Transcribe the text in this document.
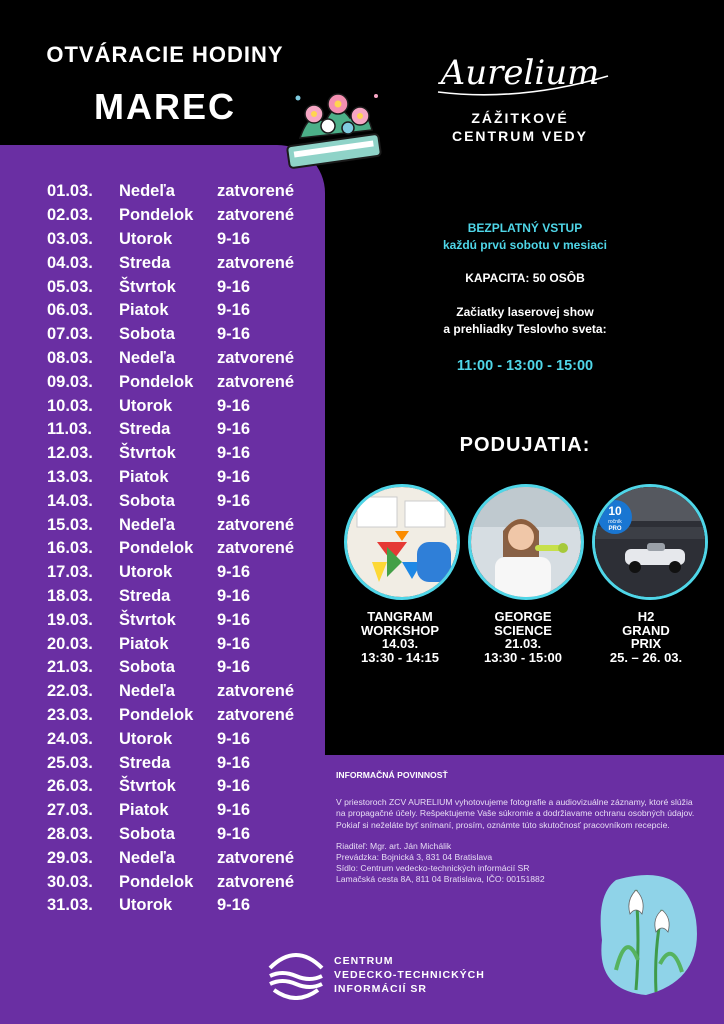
OTVÁRACIE HODINY
MAREC
Aurelium
ZÁŽITKOVÉ
CENTRUM VEDY
01.03.	Nedeľa	zatvorené
02.03.	Pondelok	zatvorené
03.03.	Utorok	9-16
04.03.	Streda	zatvorené
05.03.	Štvrtok	9-16
06.03.	Piatok	9-16
07.03.	Sobota	9-16
08.03.	Nedeľa	zatvorené
09.03.	Pondelok	zatvorené
10.03.	Utorok	9-16
11.03.	Streda	9-16
12.03.	Štvrtok	9-16
13.03.	Piatok	9-16
14.03.	Sobota	9-16
15.03.	Nedeľa	zatvorené
16.03.	Pondelok	zatvorené
17.03.	Utorok	9-16
18.03.	Streda	9-16
19.03.	Štvrtok	9-16
20.03.	Piatok	9-16
21.03.	Sobota	9-16
22.03.	Nedeľa	zatvorené
23.03.	Pondelok	zatvorené
24.03.	Utorok	9-16
25.03.	Streda	9-16
26.03.	Štvrtok	9-16
27.03.	Piatok	9-16
28.03.	Sobota	9-16
29.03.	Nedeľa	zatvorené
30.03.	Pondelok	zatvorené
31.03.	Utorok	9-16
BEZPLATNÝ VSTUP
každú prvú sobotu v mesiaci
KAPACITA: 50 OSÔB
Začiatky laserovej show
a prehliadky Teslovho sveta:
11:00 - 13:00 - 15:00
PODUJATIA:
10
ročník
PRO
TANGRAM
WORKSHOP
14.03.
13:30 - 14:15
GEORGE
SCIENCE
21.03.
13:30 - 15:00
H2
GRAND
PRIX
25. – 26. 03.
INFORMAČNÁ POVINNOSŤ
V priestoroch ZCV AURELIUM vyhotovujeme fotografie a audiovizuálne záznamy, ktoré slúžia na propagačné účely. Rešpektujeme Vaše súkromie a dodržiavame ochranu osobných údajov. Pokiaľ si neželáte byť snímaní, prosím, oznámte túto skutočnosť pracovníkom recepcie.
Riaditeľ: Mgr. art. Ján Michálik
Prevádzka: Bojnická 3, 831 04 Bratislava
Sídlo: Centrum vedecko-technických informácií SR
Lamačská cesta 8A, 811 04 Bratislava, IČO: 00151882
CENTRUM
VEDECKO-TECHNICKÝCH
INFORMÁCIÍ SR
